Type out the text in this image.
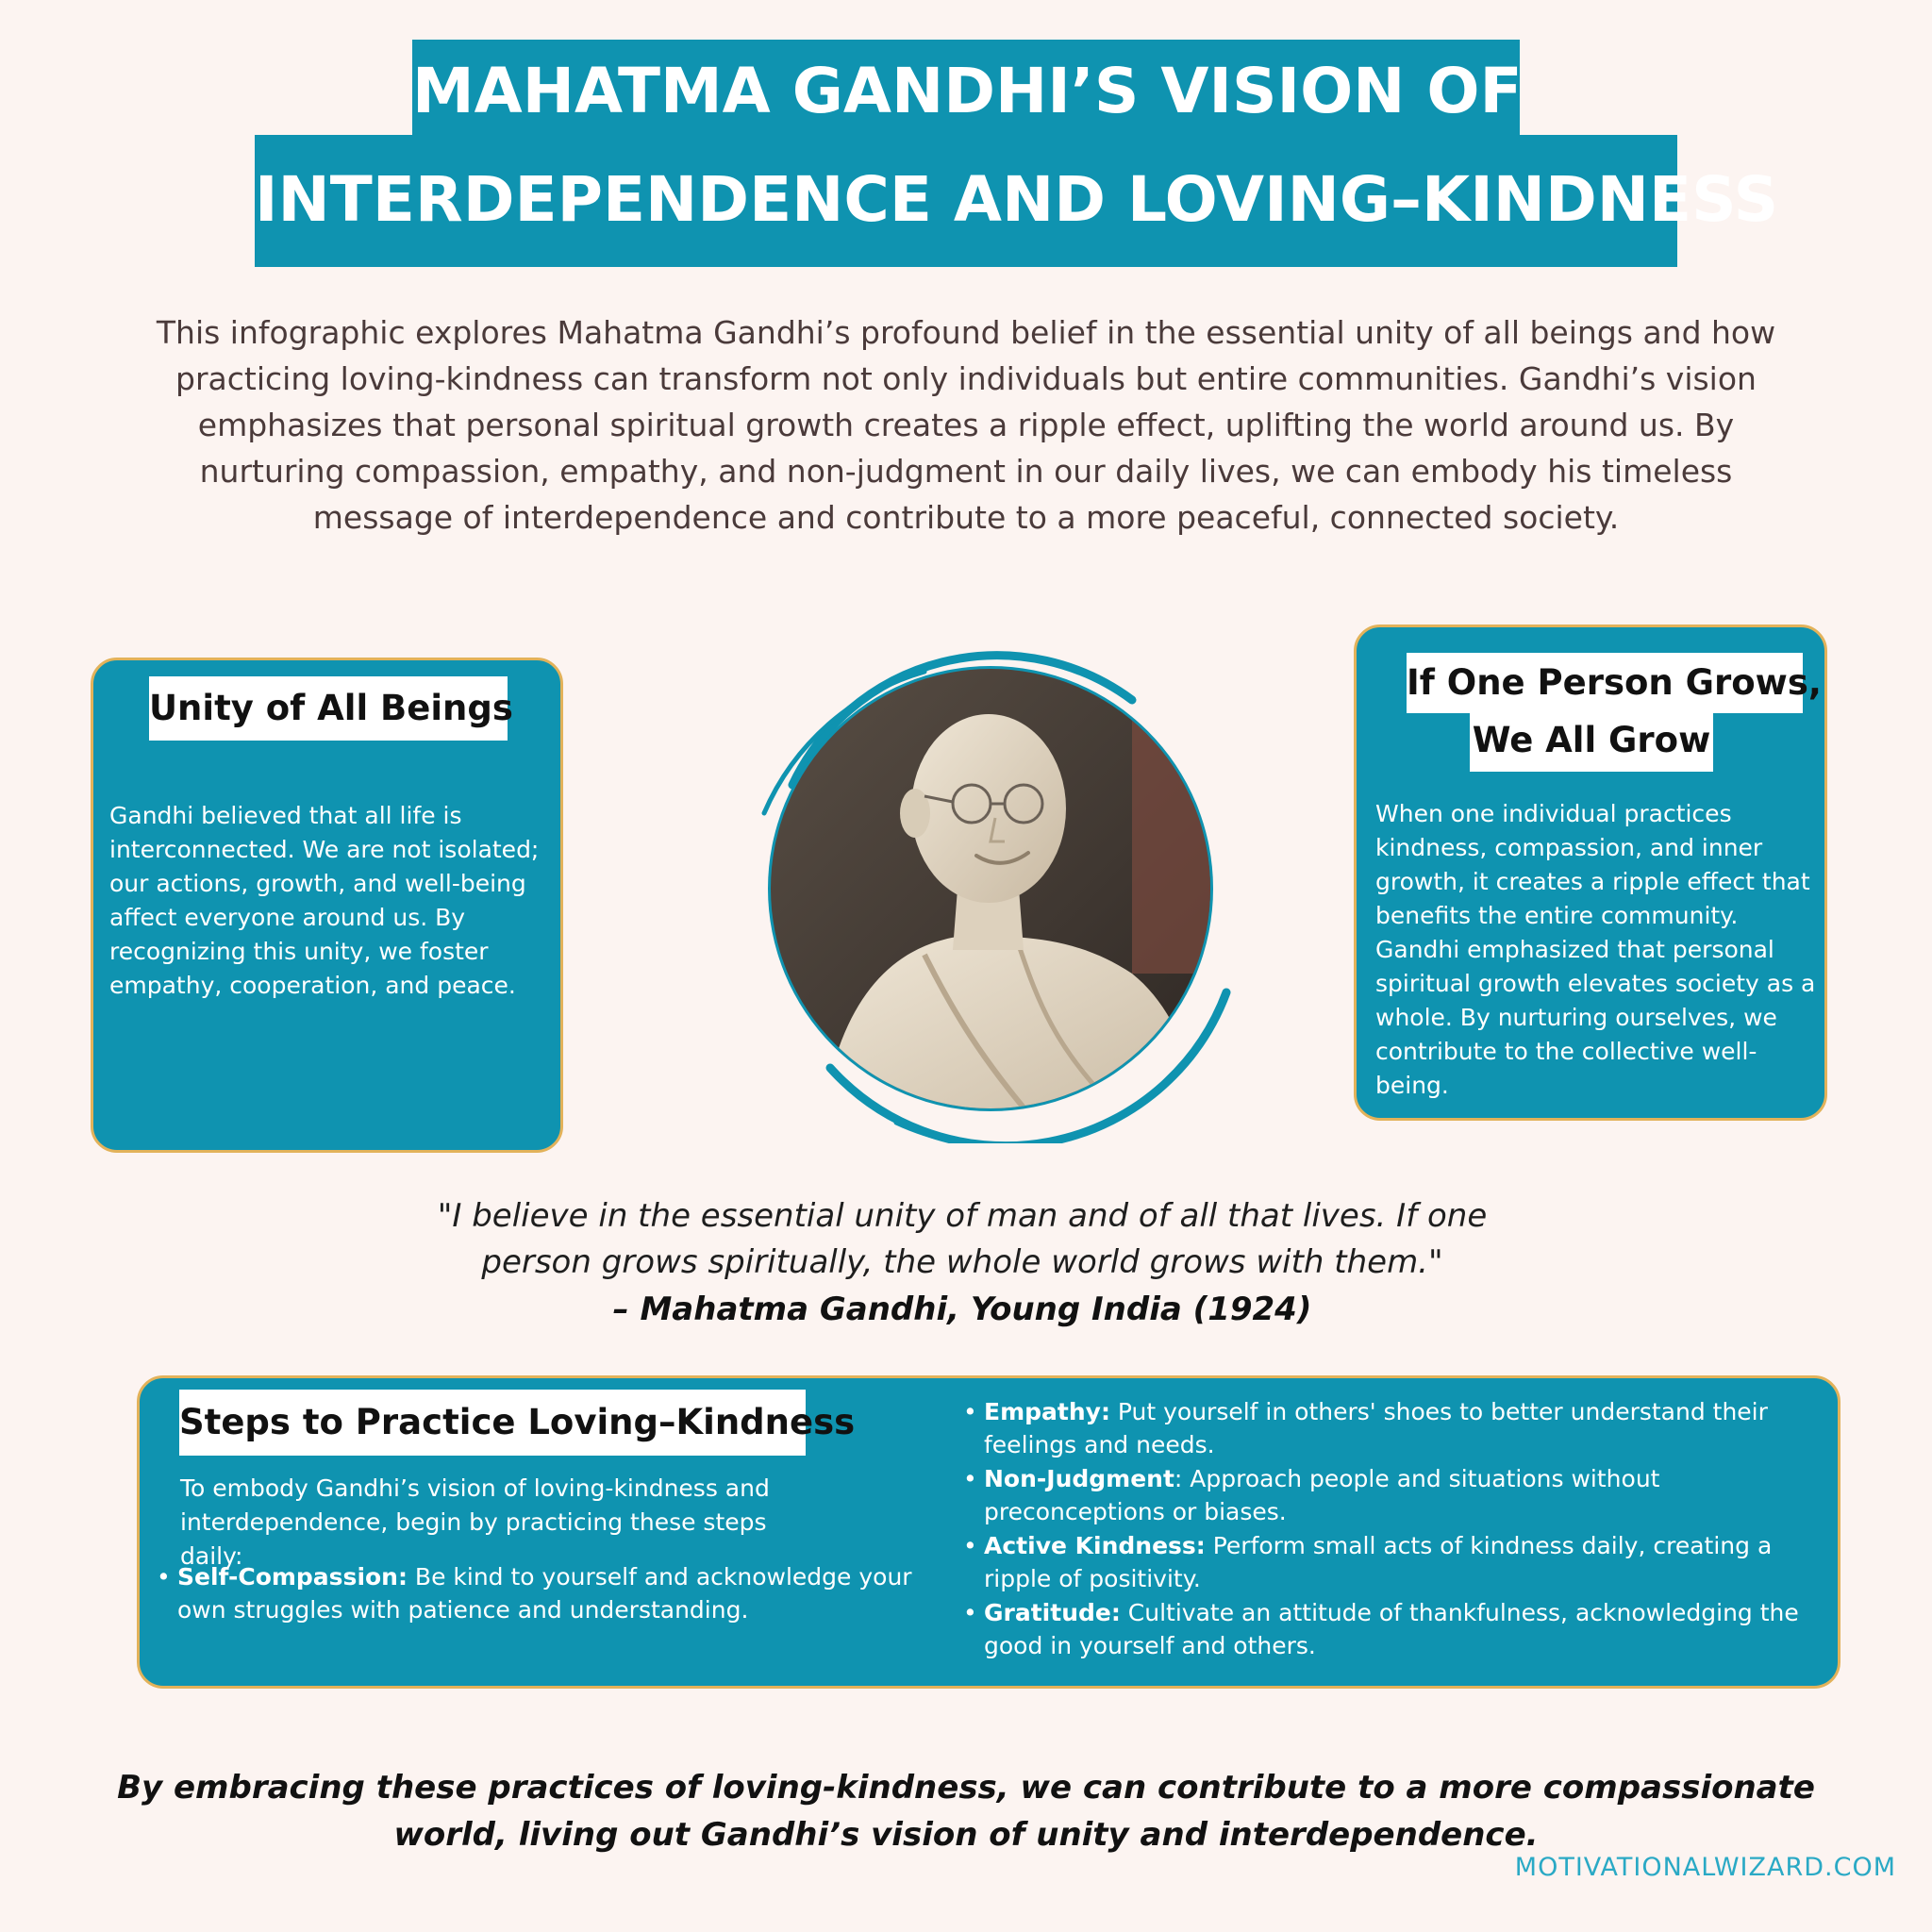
MAHATMA GANDHI’S VISION OF
INTERDEPENDENCE AND LOVING–KINDNESS
This infographic explores Mahatma Gandhi’s profound belief in the essential unity of all beings and how practicing loving-kindness can transform not only individuals but entire communities. Gandhi’s vision emphasizes that personal spiritual growth creates a ripple effect, uplifting the world around us. By nurturing compassion, empathy, and non-judgment in our daily lives, we can embody his timeless message of interdependence and contribute to a more peaceful, connected society.
Unity of All Beings
Gandhi believed that all life is interconnected. We are not isolated; our actions, growth, and well-being affect everyone around us. By recognizing this unity, we foster empathy, cooperation, and peace.
If One Person Grows,
We All Grow
When one individual practices kindness, compassion, and inner growth, it creates a ripple effect that benefits the entire community. Gandhi emphasized that personal spiritual growth elevates society as a whole. By nurturing ourselves, we contribute to the collective well-being.
"I believe in the essential unity of man and of all that lives. If one
person grows spiritually, the whole world grows with them."
– Mahatma Gandhi, Young India (1924)
Steps to Practice Loving–Kindness
To embody Gandhi’s vision of loving-kindness and interdependence, begin by practicing these steps daily:
• Self-Compassion: Be kind to yourself and acknowledge your own struggles with patience and understanding.
• Empathy: Put yourself in others' shoes to better understand their feelings and needs.
• Non-Judgment: Approach people and situations without preconceptions or biases.
• Active Kindness: Perform small acts of kindness daily, creating a ripple of positivity.
• Gratitude: Cultivate an attitude of thankfulness, acknowledging the good in yourself and others.
By embracing these practices of loving-kindness, we can contribute to a more compassionate world, living out Gandhi’s vision of unity and interdependence.
MOTIVATIONALWIZARD.COM
